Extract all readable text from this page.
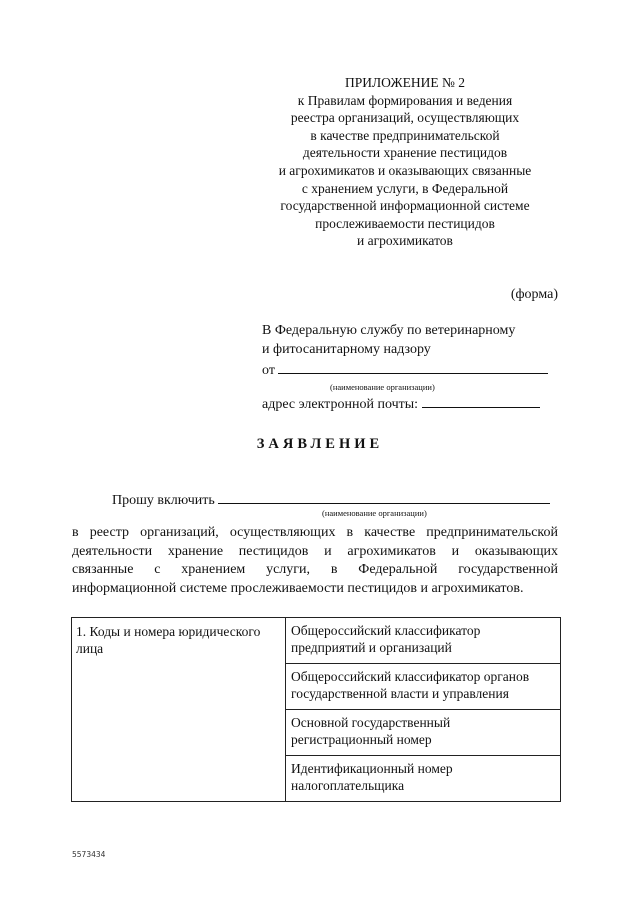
ПРИЛОЖЕНИЕ № 2
к Правилам формирования и ведения
реестра организаций, осуществляющих
в качестве предпринимательской
деятельности хранение пестицидов
и агрохимикатов и оказывающих связанные
с хранением услуги, в Федеральной
государственной информационной системе
прослеживаемости пестицидов
и агрохимикатов
(форма)
В Федеральную службу по ветеринарному
и фитосанитарному надзору
от
(наименование организации)
адрес электронной почты:
ЗАЯВЛЕНИЕ
Прошу включить
(наименование организации)
в реестр организаций, осуществляющих в качестве предпринимательской
деятельности хранение пестицидов и агрохимикатов и оказывающих
связанные с хранением услуги, в Федеральной государственной
информационной системе прослеживаемости пестицидов и агрохимикатов.
1. Коды и номера юридического лица	Общероссийский классификатор предприятий и организаций
Общероссийский классификатор органов государственной власти и управления
Основной государственный регистрационный номер
Идентификационный номер налогоплательщика
5573434
